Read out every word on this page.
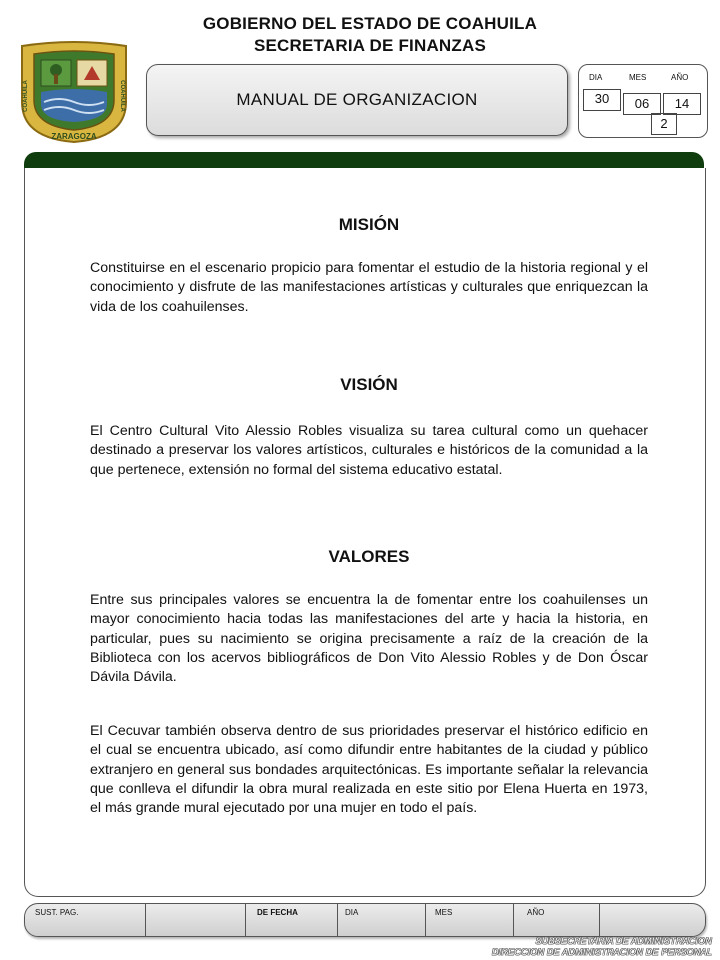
ZARAGOZA
COAHUILA	COAHUILA
GOBIERNO DEL ESTADO DE COAHUILA
SECRETARIA DE FINANZAS
MANUAL DE ORGANIZACION
DIA	MES	AÑO
30	06	14
2
MISIÓN
Constituirse en el escenario propicio para fomentar el estudio de la historia regional y el conocimiento y disfrute de las manifestaciones artísticas y culturales que enriquezcan la vida de los coahuilenses.
VISIÓN
El Centro Cultural Vito Alessio Robles visualiza su tarea cultural como un quehacer destinado a preservar los valores artísticos, culturales e históricos de la comunidad a la que pertenece, extensión no formal del sistema educativo estatal.
VALORES
Entre sus principales valores se encuentra la de fomentar entre los coahuilenses un mayor conocimiento hacia todas las manifestaciones del arte y hacia la historia, en particular, pues su nacimiento se origina precisamente a raíz de la creación de la Biblioteca con los acervos bibliográficos de Don Vito Alessio Robles y de Don Óscar Dávila Dávila.
El Cecuvar también observa dentro de sus prioridades preservar el histórico edificio en el cual se encuentra ubicado, así como difundir entre habitantes de la ciudad y público extranjero en general sus bondades arquitectónicas. Es importante señalar la relevancia que conlleva el difundir la obra mural realizada en este sitio por Elena Huerta en 1973, el más grande mural ejecutado por una mujer en todo el país.
SUST. PAG.	DE FECHA	DIA	MES	AÑO
SUBSECRETARIA DE ADMINISTRACION
DIRECCION DE ADMINISTRACION DE PERSONAL
